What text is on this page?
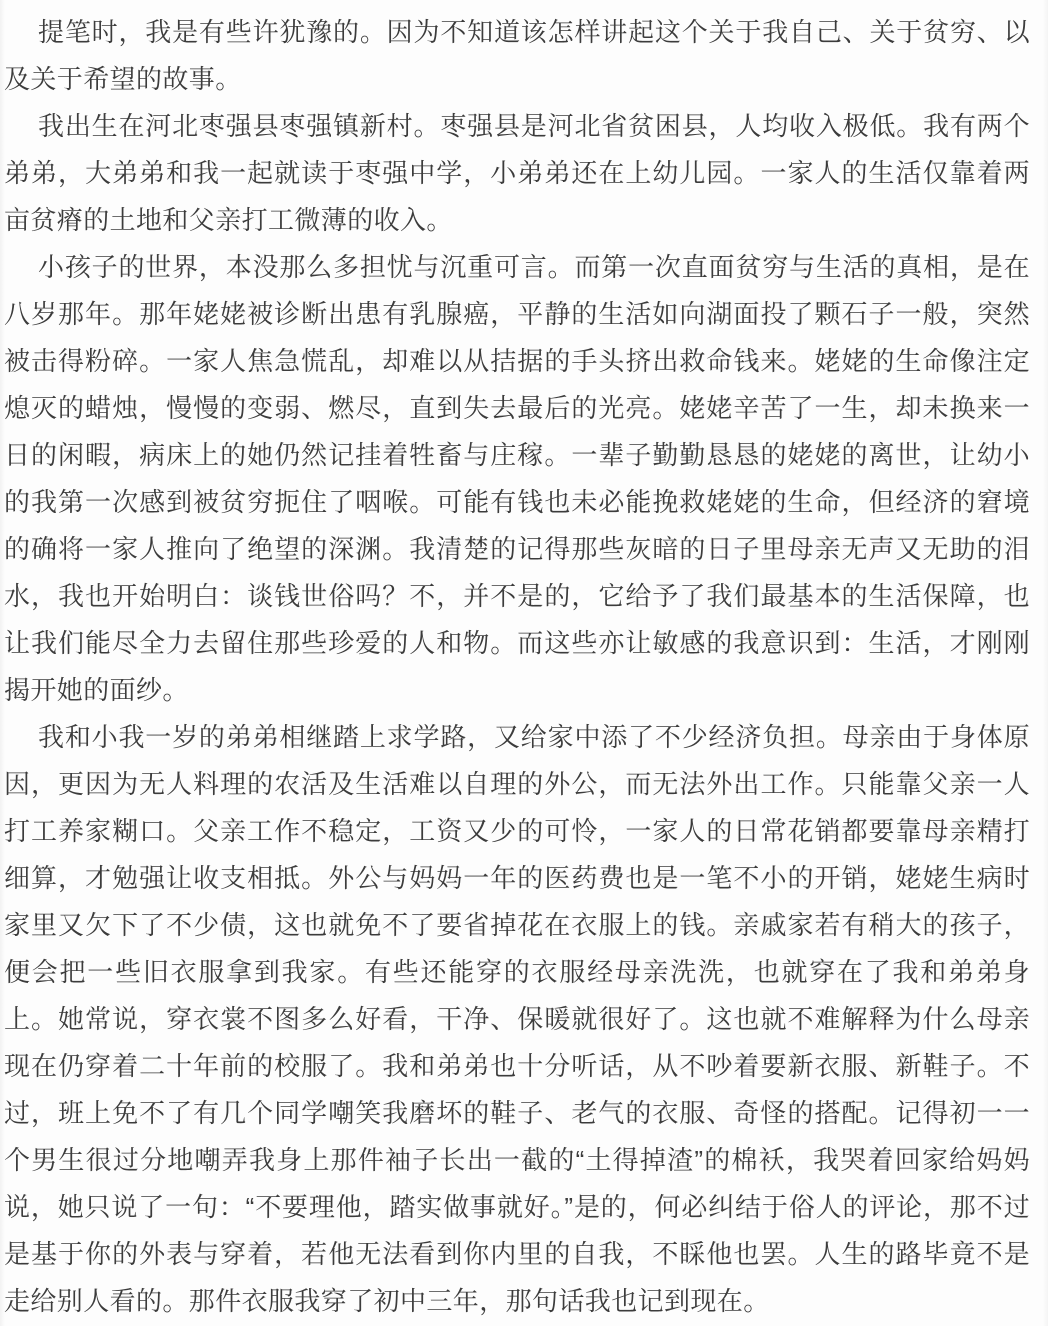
提笔时，我是有些许犹豫的。因为不知道该怎样讲起这个关于我自己、关于贫穷、以及关于希望的故事。

我出生在河北枣强县枣强镇新村。枣强县是河北省贫困县，人均收入极低。我有两个弟弟，大弟弟和我一起就读于枣强中学，小弟弟还在上幼儿园。一家人的生活仅靠着两亩贫瘠的土地和父亲打工微薄的收入。

小孩子的世界，本没那么多担忧与沉重可言。而第一次直面贫穷与生活的真相，是在八岁那年。那年姥姥被诊断出患有乳腺癌，平静的生活如向湖面投了颗石子一般，突然被击得粉碎。一家人焦急慌乱，却难以从拮据的手头挤出救命钱来。姥姥的生命像注定熄灭的蜡烛，慢慢的变弱、燃尽，直到失去最后的光亮。姥姥辛苦了一生，却未换来一日的闲暇，病床上的她仍然记挂着牲畜与庄稼。一辈子勤勤恳恳的姥姥的离世，让幼小的我第一次感到被贫穷扼住了咽喉。可能有钱也未必能挽救姥姥的生命，但经济的窘境的确将一家人推向了绝望的深渊。我清楚的记得那些灰暗的日子里母亲无声又无助的泪水，我也开始明白：谈钱世俗吗？不，并不是的，它给予了我们最基本的生活保障，也让我们能尽全力去留住那些珍爱的人和物。而这些亦让敏感的我意识到：生活，才刚刚揭开她的面纱。

我和小我一岁的弟弟相继踏上求学路，又给家中添了不少经济负担。母亲由于身体原因，更因为无人料理的农活及生活难以自理的外公，而无法外出工作。只能靠父亲一人打工养家糊口。父亲工作不稳定，工资又少的可怜，一家人的日常花销都要靠母亲精打细算，才勉强让收支相抵。外公与妈妈一年的医药费也是一笔不小的开销，姥姥生病时家里又欠下了不少债，这也就免不了要省掉花在衣服上的钱。亲戚家若有稍大的孩子，便会把一些旧衣服拿到我家。有些还能穿的衣服经母亲洗洗，也就穿在了我和弟弟身上。她常说，穿衣裳不图多么好看，干净、保暖就很好了。这也就不难解释为什么母亲现在仍穿着二十年前的校服了。我和弟弟也十分听话，从不吵着要新衣服、新鞋子。不过，班上免不了有几个同学嘲笑我磨坏的鞋子、老气的衣服、奇怪的搭配。记得初一一个男生很过分地嘲弄我身上那件袖子长出一截的“土得掉渣”的棉袄，我哭着回家给妈妈说，她只说了一句：“不要理他，踏实做事就好。”是的，何必纠结于俗人的评论，那不过是基于你的外表与穿着，若他无法看到你内里的自我，不睬他也罢。人生的路毕竟不是走给别人看的。那件衣服我穿了初中三年，那句话我也记到现在。
